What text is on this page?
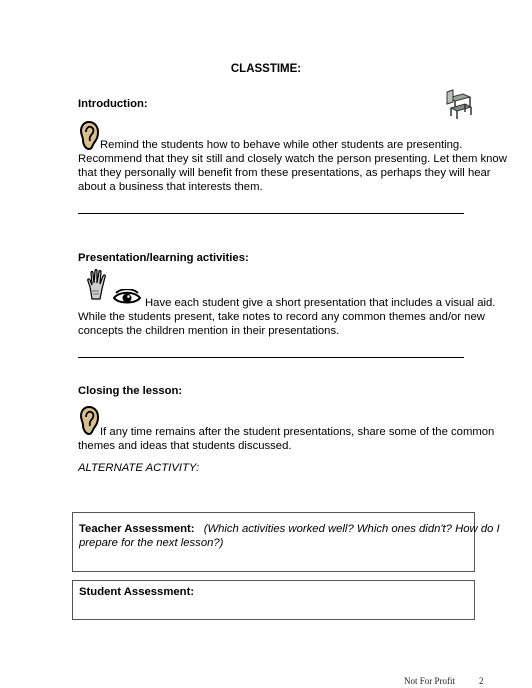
CLASSTIME:
Introduction:
Remind the students how to behave while other students are presenting.
Recommend that they sit still and closely watch the person presenting. Let them know
that they personally will benefit from these presentations, as perhaps they will hear
about a business that interests them.
Presentation/learning activities:
Have each student give a short presentation that includes a visual aid.
While the students present, take notes to record any common themes and/or new
concepts the children mention in their presentations.
Closing the lesson:
If any time remains after the student presentations, share some of the common
themes and ideas that students discussed.
ALTERNATE ACTIVITY:
Teacher Assessment: (Which activities worked well? Which ones didn't? How do I
prepare for the next lesson?)
Student Assessment:
Not For Profit	2
